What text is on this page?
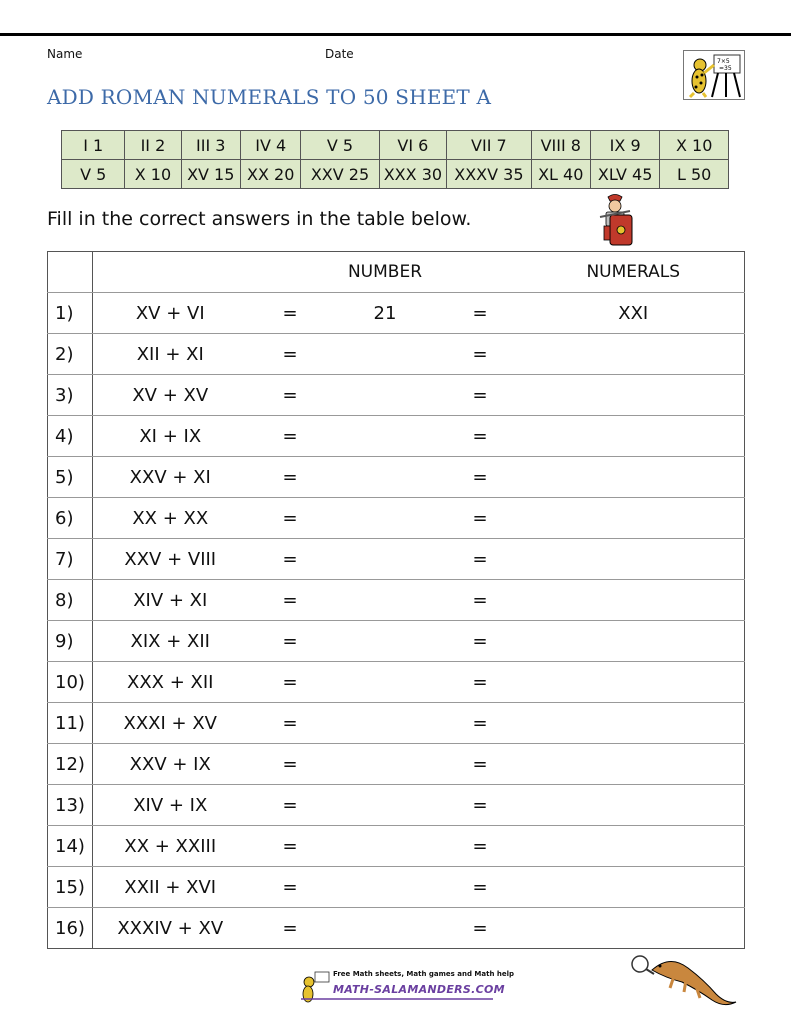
Name	Date
ADD ROMAN NUMERALS TO 50 SHEET A
7×5
=35
I 1	II 2	III 3	IV 4	V 5	VI 6	VII 7	VIII 8	IX 9	X 10
V 5	X 10	XV 15	XX 20	XXV 25	XXX 30	XXXV 35	XL 40	XLV 45	L 50
Fill in the correct answers in the table below.
			NUMBER		NUMERALS
1)	XV + VI	=	21	=	XXI
2)	XII + XI	=		=	
3)	XV + XV	=		=	
4)	XI + IX	=		=	
5)	XXV + XI	=		=	
6)	XX + XX	=		=	
7)	XXV + VIII	=		=	
8)	XIV + XI	=		=	
9)	XIX + XII	=		=	
10)	XXX + XII	=		=	
11)	XXXI + XV	=		=	
12)	XXV + IX	=		=	
13)	XIV + IX	=		=	
14)	XX + XXIII	=		=	
15)	XXII + XVI	=		=	
16)	XXXIV + XV	=		=	
Free Math sheets, Math games and Math help
MATH-SALAMANDERS.COM
